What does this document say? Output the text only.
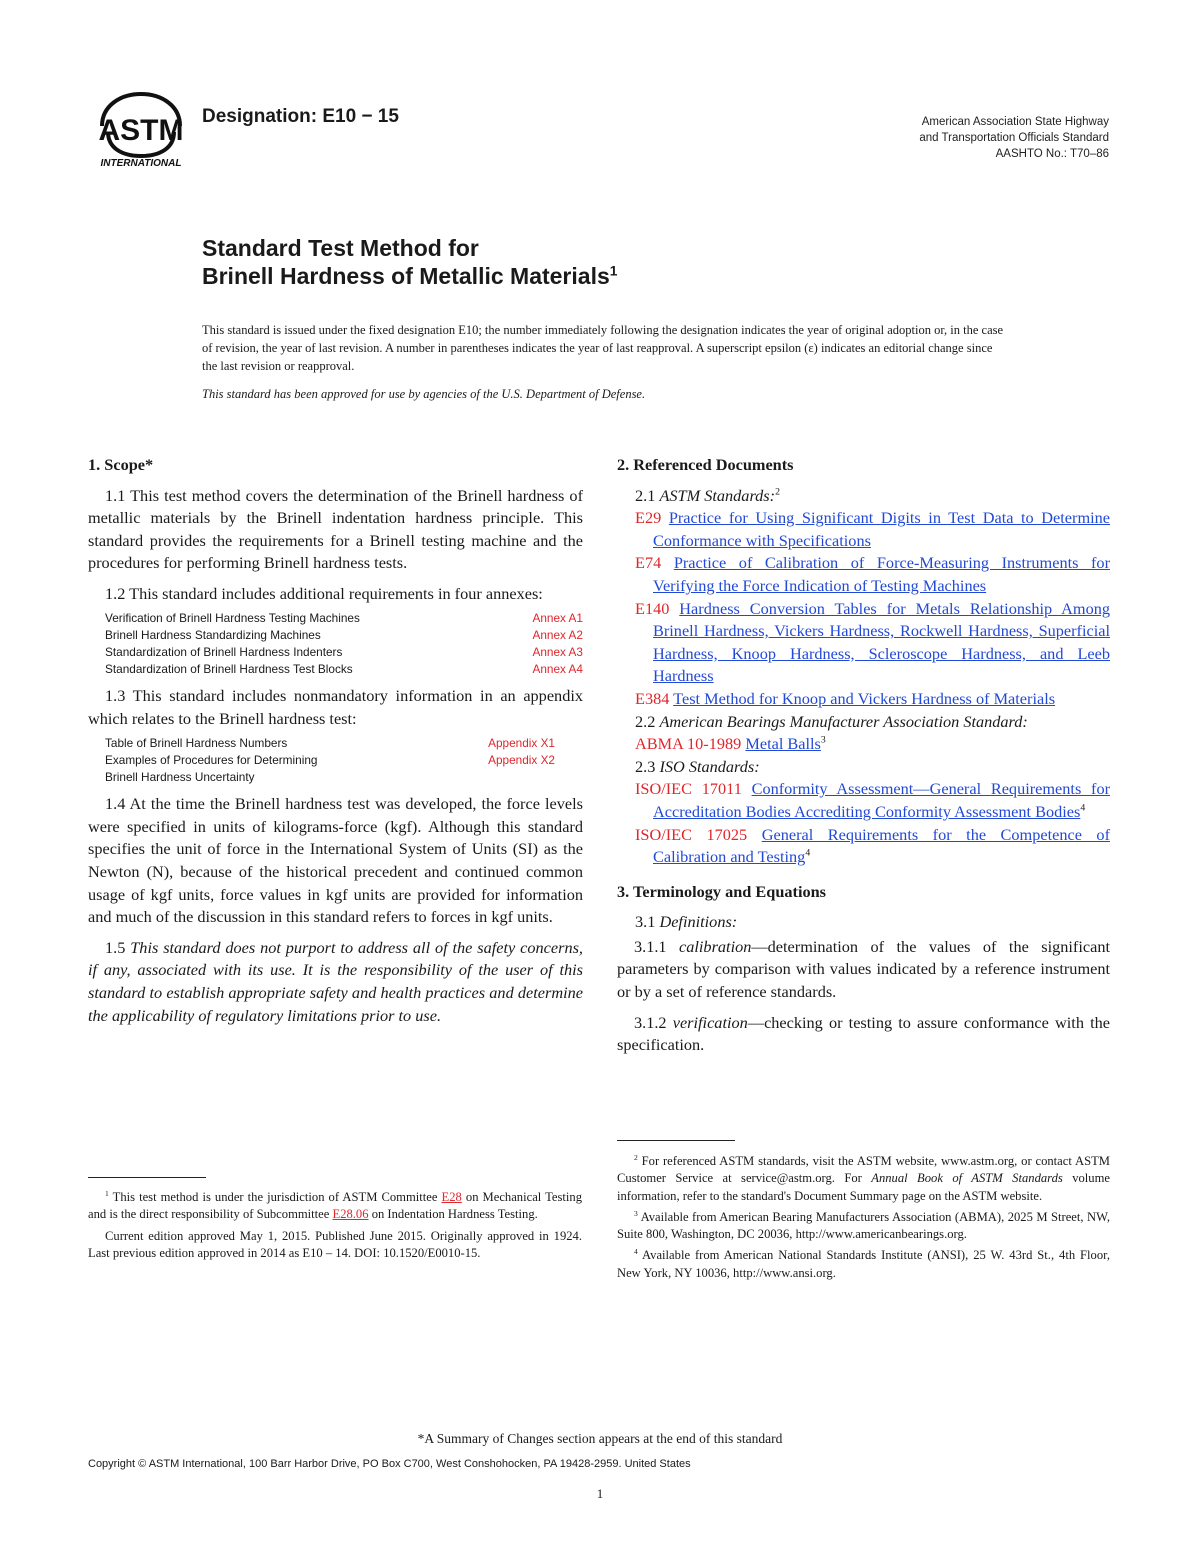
ASTM
INTERNATIONAL
Designation: E10 − 15	American Association State Highway
and Transportation Officials Standard
AASHTO No.: T70–86
Standard Test Method for
Brinell Hardness of Metallic Materials$^1$
This standard is issued under the fixed designation E10; the number immediately following the designation indicates the year of original adoption or, in the case of revision, the year of last revision. A number in parentheses indicates the year of last reapproval. A superscript epsilon (ε) indicates an editorial change since the last revision or reapproval.
This standard has been approved for use by agencies of the U.S. Department of Defense.
1. Scope*

1.1 This test method covers the determination of the Brinell hardness of metallic materials by the Brinell indentation hardness principle. This standard provides the requirements for a Brinell testing machine and the procedures for performing Brinell hardness tests.

1.2 This standard includes additional requirements in four annexes:

Verification of Brinell Hardness Testing Machines	Annex A1
Brinell Hardness Standardizing Machines	Annex A2
Standardization of Brinell Hardness Indenters	Annex A3
Standardization of Brinell Hardness Test Blocks	Annex A4

1.3 This standard includes nonmandatory information in an appendix which relates to the Brinell hardness test:

Table of Brinell Hardness Numbers	Appendix X1
Examples of Procedures for Determining	Appendix X2
Brinell Hardness Uncertainty

1.4 At the time the Brinell hardness test was developed, the force levels were specified in units of kilograms-force (kgf). Although this standard specifies the unit of force in the International System of Units (SI) as the Newton (N), because of the historical precedent and continued common usage of kgf units, force values in kgf units are provided for information and much of the discussion in this standard refers to forces in kgf units.

1.5 This standard does not purport to address all of the safety concerns, if any, associated with its use. It is the responsibility of the user of this standard to establish appropriate safety and health practices and determine the applicability of regulatory limitations prior to use.

$^1$ This test method is under the jurisdiction of ASTM Committee E28 on Mechanical Testing and is the direct responsibility of Subcommittee E28.06 on Indentation Hardness Testing.

Current edition approved May 1, 2015. Published June 2015. Originally approved in 1924. Last previous edition approved in 2014 as E10 – 14. DOI: 10.1520/E0010-15.

2. Referenced Documents
2.1 ASTM Standards:$^2$

E29 Practice for Using Significant Digits in Test Data to Determine Conformance with Specifications

E74 Practice of Calibration of Force-Measuring Instruments for Verifying the Force Indication of Testing Machines

E140 Hardness Conversion Tables for Metals Relationship Among Brinell Hardness, Vickers Hardness, Rockwell Hardness, Superficial Hardness, Knoop Hardness, Scleroscope Hardness, and Leeb Hardness

E384 Test Method for Knoop and Vickers Hardness of Materials

2.2 American Bearings Manufacturer Association Standard:

ABMA 10-1989 Metal Balls$^3$

2.3 ISO Standards:

ISO/IEC 17011 Conformity Assessment—General Requirements for Accreditation Bodies Accrediting Conformity Assessment Bodies$^4$

ISO/IEC 17025 General Requirements for the Competence of Calibration and Testing$^4$

3. Terminology and Equations
3.1 Definitions:

3.1.1 calibration—determination of the values of the significant parameters by comparison with values indicated by a reference instrument or by a set of reference standards.

3.1.2 verification—checking or testing to assure conformance with the specification.

$^2$ For referenced ASTM standards, visit the ASTM website, www.astm.org, or contact ASTM Customer Service at service@astm.org. For Annual Book of ASTM Standards volume information, refer to the standard's Document Summary page on the ASTM website.

$^3$ Available from American Bearing Manufacturers Association (ABMA), 2025 M Street, NW, Suite 800, Washington, DC 20036, http://www.americanbearings.org.

$^4$ Available from American National Standards Institute (ANSI), 25 W. 43rd St., 4th Floor, New York, NY 10036, http://www.ansi.org.

*A Summary of Changes section appears at the end of this standard
Copyright © ASTM International, 100 Barr Harbor Drive, PO Box C700, West Conshohocken, PA 19428-2959. United States
1
